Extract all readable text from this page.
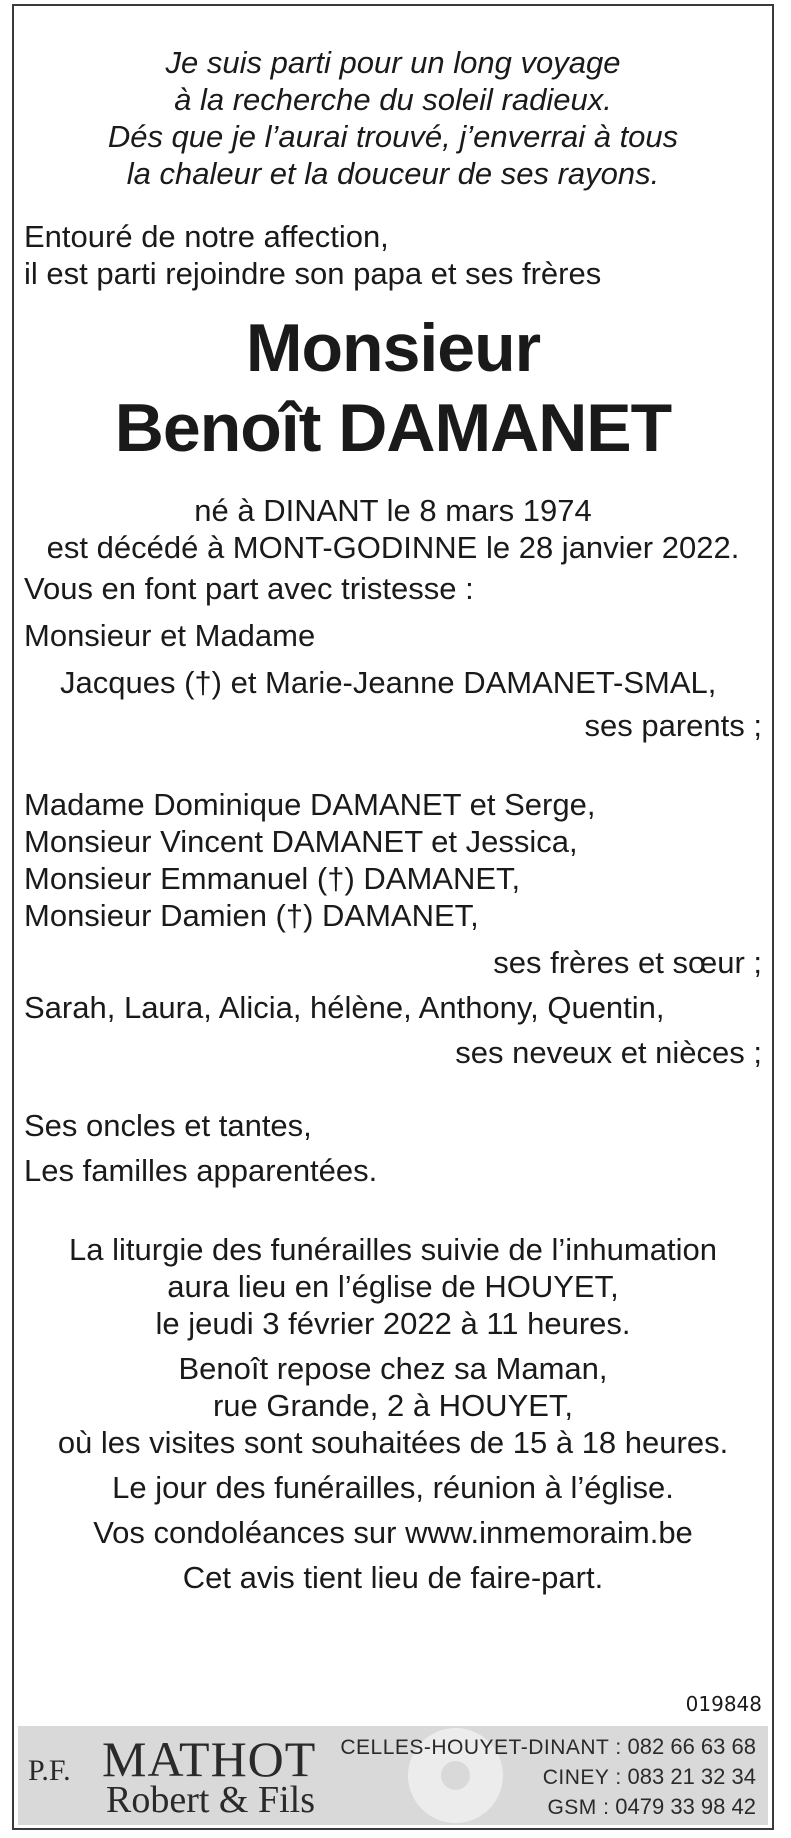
Je suis parti pour un long voyage
à la recherche du soleil radieux.
Dés que je l’aurai trouvé, j’enverrai à tous
la chaleur et la douceur de ses rayons.
Entouré de notre affection,
il est parti rejoindre son papa et ses frères
Monsieur
Benoît DAMANET
né à DINANT le 8 mars 1974
est décédé à MONT-GODINNE le 28 janvier 2022.
Vous en font part avec tristesse :
Monsieur et Madame
Jacques (†) et Marie-Jeanne DAMANET-SMAL,
ses parents ;
Madame Dominique DAMANET et Serge,
Monsieur Vincent DAMANET et Jessica,
Monsieur Emmanuel (†) DAMANET,
Monsieur Damien (†) DAMANET,
ses frères et sœur ;
Sarah, Laura, Alicia, hélène, Anthony, Quentin,
ses neveux et nièces ;
Ses oncles et tantes,
Les familles apparentées.
La liturgie des funérailles suivie de l’inhumation
aura lieu en l’église de HOUYET,
le jeudi 3 février 2022 à 11 heures.
Benoît repose chez sa Maman,
rue Grande, 2 à HOUYET,
où les visites sont souhaitées de 15 à 18 heures.
Le jour des funérailles, réunion à l’église.
Vos condoléances sur www.inmemoraim.be
Cet avis tient lieu de faire-part.
019848
P.F. MATHOT
Robert & Fils
CELLES-HOUYET-DINANT : 082 66 63 68
CINEY : 083 21 32 34
GSM : 0479 33 98 42
